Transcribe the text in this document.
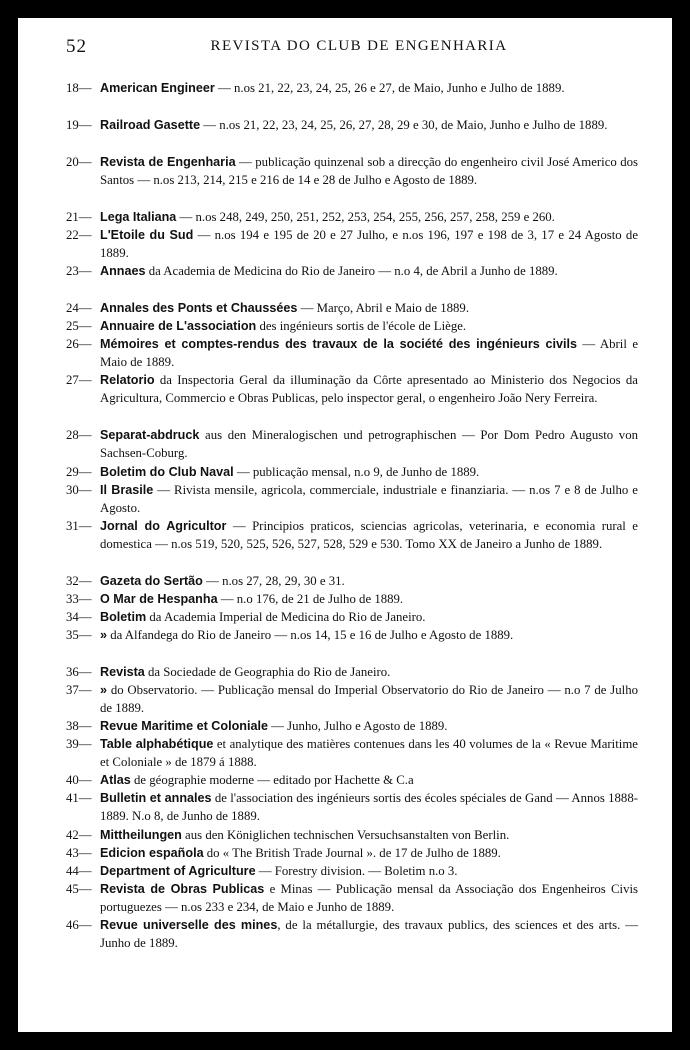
52	REVISTA DO CLUB DE ENGENHARIA
18— American Engineer — n.os 21, 22, 23, 24, 25, 26 e 27, de Maio, Junho e Julho de 1889.
19— Railroad Gasette — n.os 21, 22, 23, 24, 25, 26, 27, 28, 29 e 30, de Maio, Junho e Julho de 1889.
20— Revista de Engenharia — publicação quinzenal sob a direcção do engenheiro civil José Americo dos Santos — n.os 213, 214, 215 e 216 de 14 e 28 de Julho e Agosto de 1889.
21— Lega Italiana — n.os 248, 249, 250, 251, 252, 253, 254, 255, 256, 257, 258, 259 e 260.
22— L'Etoile du Sud — n.os 194 e 195 de 20 e 27 Julho, e n.os 196, 197 e 198 de 3, 17 e 24 Agosto de 1889.
23— Annaes da Academia de Medicina do Rio de Janeiro — n.o 4, de Abril a Junho de 1889.
24— Annales des Ponts et Chaussées — Março, Abril e Maio de 1889.
25— Annuaire de L'association des ingénieurs sortis de l'école de Liège.
26— Mémoires et comptes-rendus des travaux de la société des ingénieurs civils — Abril e Maio de 1889.
27— Relatorio da Inspectoria Geral da illuminação da Côrte apresentado ao Ministerio dos Negocios da Agricultura, Commercio e Obras Publicas, pelo inspector geral, o engenheiro João Nery Ferreira.
28— Separat-abdruck aus den Mineralogischen und petrographischen — Por Dom Pedro Augusto von Sachsen-Coburg.
29— Boletim do Club Naval — publicação mensal, n.o 9, de Junho de 1889.
30— Il Brasile — Rivista mensile, agricola, commerciale, industriale e finanziaria. — n.os 7 e 8 de Julho e Agosto.
31— Jornal do Agricultor — Principios praticos, sciencias agricolas, veterinaria, e economia rural e domestica — n.os 519, 520, 525, 526, 527, 528, 529 e 530. Tomo XX de Janeiro a Junho de 1889.
32— Gazeta do Sertão — n.os 27, 28, 29, 30 e 31.
33— O Mar de Hespanha — n.o 176, de 21 de Julho de 1889.
34— Boletim da Academia Imperial de Medicina do Rio de Janeiro.
35— » da Alfandega do Rio de Janeiro — n.os 14, 15 e 16 de Julho e Agosto de 1889.
36— Revista da Sociedade de Geographia do Rio de Janeiro.
37— » do Observatorio. — Publicação mensal do Imperial Observatorio do Rio de Janeiro — n.o 7 de Julho de 1889.
38— Revue Maritime et Coloniale — Junho, Julho e Agosto de 1889.
39— Table alphabétique et analytique des matières contenues dans les 40 volumes de la « Revue Maritime et Coloniale » de 1879 á 1888.
40— Atlas de géographie moderne — editado por Hachette & C.a
41— Bulletin et annales de l'association des ingénieurs sortis des écoles spéciales de Gand — Annos 1888-1889. N.o 8, de Junho de 1889.
42— Mittheilungen aus den Königlichen technischen Versuchsanstalten von Berlin.
43— Edicion española do « The British Trade Journal ». de 17 de Julho de 1889.
44— Department of Agriculture — Forestry division. — Boletim n.o 3.
45— Revista de Obras Publicas e Minas — Publicação mensal da Associação dos Engenheiros Civis portuguezes — n.os 233 e 234, de Maio e Junho de 1889.
46— Revue universelle des mines, de la métallurgie, des travaux publics, des sciences et des arts. — Junho de 1889.
